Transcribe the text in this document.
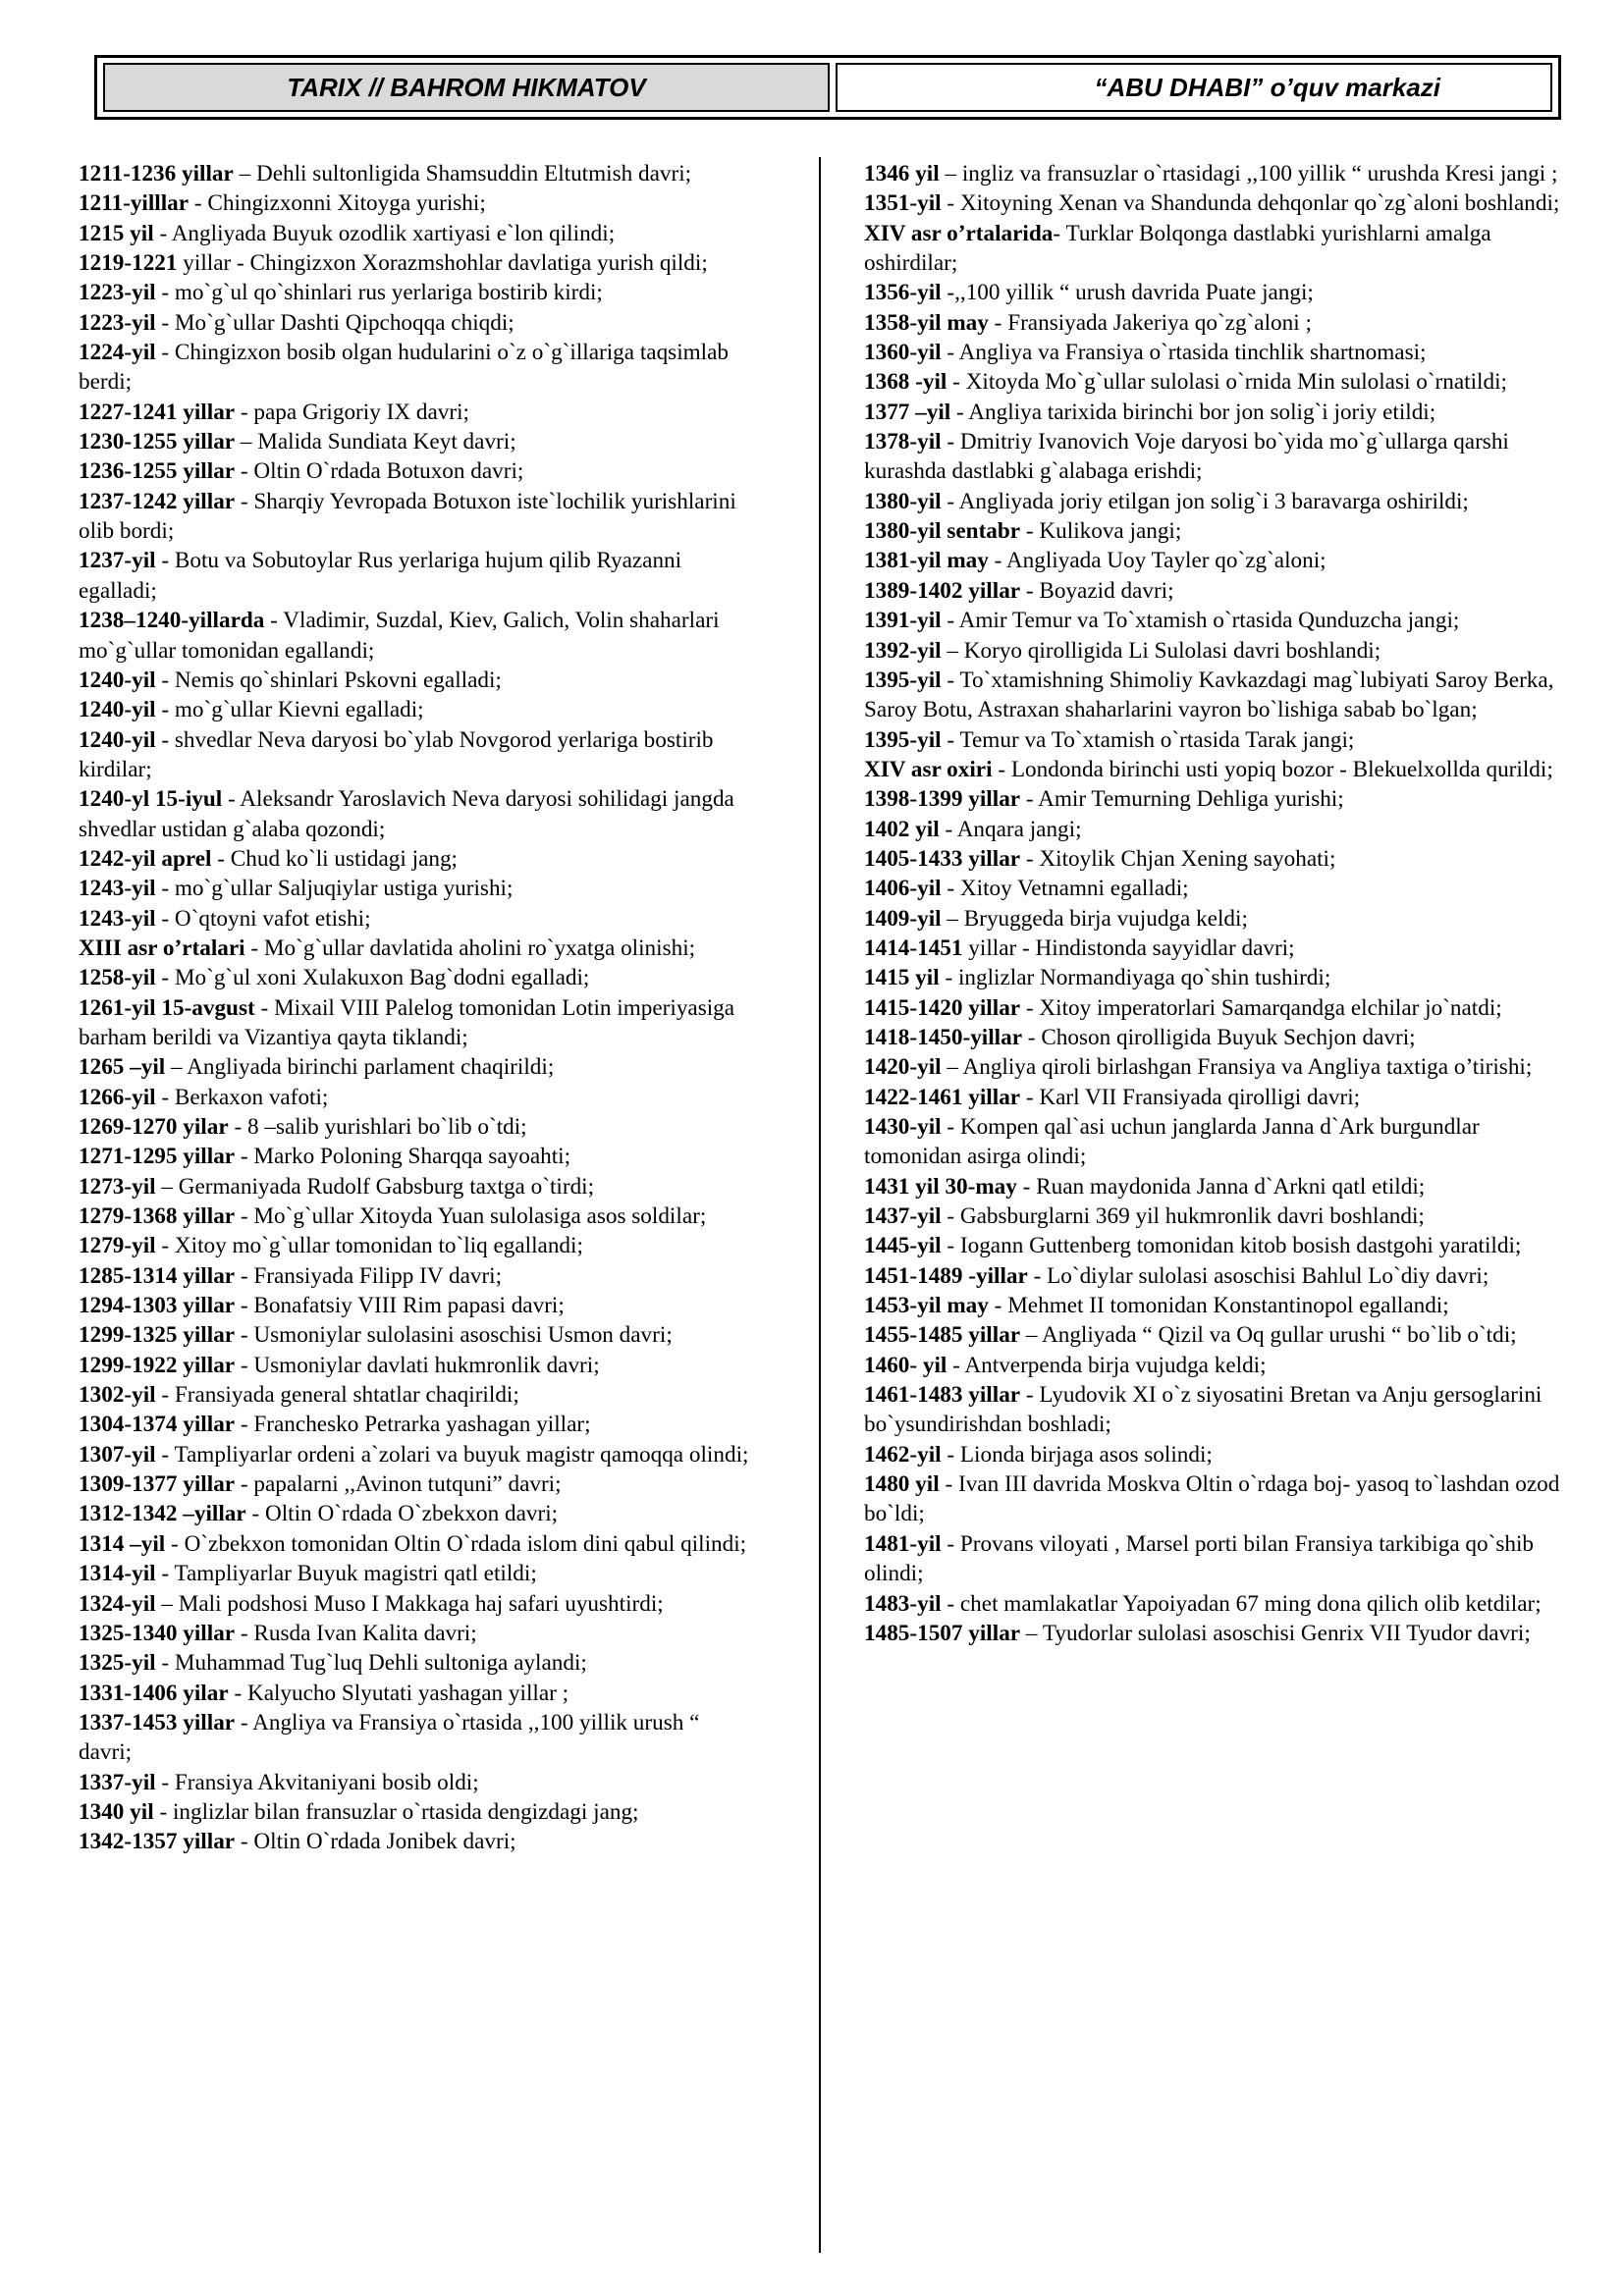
TARIX // BAHROM HIKMATOV	“ABU DHABI” o’quv markazi

1211-1236 yillar – Dehli sultonligida Shamsuddin Eltutmish davri;

1211-yilllar - Chingizxonni Xitoyga yurishi;

1215 yil - Angliyada Buyuk ozodlik xartiyasi e`lon qilindi;

1219-1221 yillar - Chingizxon Xorazmshohlar davlatiga yurish qildi;

1223-yil - mo`g`ul qo`shinlari rus yerlariga bostirib kirdi;

1223-yil - Mo`g`ullar Dashti Qipchoqqa chiqdi;

1224-yil - Chingizxon bosib olgan hudularini o`z o`g`illariga taqsimlab berdi;

1227-1241 yillar - papa Grigoriy IX davri;

1230-1255 yillar – Malida Sundiata Keyt davri;

1236-1255 yillar - Oltin O`rdada Botuxon davri;

1237-1242 yillar - Sharqiy Yevropada Botuxon iste`lochilik yurishlarini olib bordi;

1237-yil - Botu va Sobutoylar Rus yerlariga hujum qilib Ryazanni egalladi;

1238–1240-yillarda - Vladimir, Suzdal, Kiev, Galich, Volin shaharlari mo`g`ullar tomonidan egallandi;

1240-yil - Nemis qo`shinlari Pskovni egalladi;

1240-yil - mo`g`ullar Kievni egalladi;

1240-yil - shvedlar Neva daryosi bo`ylab Novgorod yerlariga bostirib kirdilar;

1240-yl 15-iyul - Aleksandr Yaroslavich Neva daryosi sohilidagi jangda shvedlar ustidan g`alaba qozondi;

1242-yil aprel - Chud ko`li ustidagi jang;

1243-yil - mo`g`ullar Saljuqiylar ustiga yurishi;

1243-yil - O`qtoyni vafot etishi;

XIII asr o’rtalari - Mo`g`ullar davlatida aholini ro`yxatga olinishi;

1258-yil - Mo`g`ul xoni Xulakuxon Bag`dodni egalladi;

1261-yil 15-avgust - Mixail VIII Palelog tomonidan Lotin imperiyasiga barham berildi va Vizantiya qayta tiklandi;

1265 –yil – Angliyada birinchi parlament chaqirildi;

1266-yil - Berkaxon vafoti;

1269-1270 yilar - 8 –salib yurishlari bo`lib o`tdi;

1271-1295 yillar - Marko Poloning Sharqqa sayoahti;

1273-yil – Germaniyada Rudolf Gabsburg taxtga o`tirdi;

1279-1368 yillar - Mo`g`ullar Xitoyda Yuan sulolasiga asos soldilar;

1279-yil - Xitoy mo`g`ullar tomonidan to`liq egallandi;

1285-1314 yillar - Fransiyada Filipp IV davri;

1294-1303 yillar - Bonafatsiy VIII Rim papasi davri;

1299-1325 yillar - Usmoniylar sulolasini asoschisi Usmon davri;

1299-1922 yillar - Usmoniylar davlati hukmronlik davri;

1302-yil - Fransiyada general shtatlar chaqirildi;

1304-1374 yillar - Franchesko Petrarka yashagan yillar;

1307-yil - Tampliyarlar ordeni a`zolari va buyuk magistr qamoqqa olindi;

1309-1377 yillar - papalarni ,,Avinon tutquni” davri;

1312-1342 –yillar - Oltin O`rdada O`zbekxon davri;

1314 –yil - O`zbekxon tomonidan Oltin O`rdada islom dini qabul qilindi;

1314-yil - Tampliyarlar Buyuk magistri qatl etildi;

1324-yil – Mali podshosi Muso I Makkaga haj safari uyushtirdi;

1325-1340 yillar - Rusda Ivan Kalita davri;

1325-yil - Muhammad Tug`luq Dehli sultoniga aylandi;

1331-1406 yilar - Kalyucho Slyutati yashagan yillar ;

1337-1453 yillar - Angliya va Fransiya o`rtasida ,,100 yillik urush “ davri;

1337-yil - Fransiya Akvitaniyani bosib oldi;

1340 yil - inglizlar bilan fransuzlar o`rtasida dengizdagi jang;

1342-1357 yillar - Oltin O`rdada Jonibek davri;

1346 yil – ingliz va fransuzlar o`rtasidagi ,,100 yillik “ urushda Kresi jangi ;

1351-yil - Xitoyning Xenan va Shandunda dehqonlar qo`zg`aloni boshlandi;

XIV asr o’rtalarida- Turklar Bolqonga dastlabki yurishlarni amalga oshirdilar;

1356-yil -,,100 yillik “ urush davrida Puate jangi;

1358-yil may - Fransiyada Jakeriya qo`zg`aloni ;

1360-yil - Angliya va Fransiya o`rtasida tinchlik shartnomasi;

1368 -yil - Xitoyda Mo`g`ullar sulolasi o`rnida Min sulolasi o`rnatildi;

1377 –yil - Angliya tarixida birinchi bor jon solig`i joriy etildi;

1378-yil - Dmitriy Ivanovich Voje daryosi bo`yida mo`g`ullarga qarshi kurashda dastlabki g`alabaga erishdi;

1380-yil - Angliyada joriy etilgan jon solig`i 3 baravarga oshirildi;

1380-yil sentabr - Kulikova jangi;

1381-yil may - Angliyada Uoy Tayler qo`zg`aloni;

1389-1402 yillar - Boyazid davri;

1391-yil - Amir Temur va To`xtamish o`rtasida Qunduzcha jangi;

1392-yil – Koryo qirolligida Li Sulolasi davri boshlandi;

1395-yil - To`xtamishning Shimoliy Kavkazdagi mag`lubiyati Saroy Berka, Saroy Botu, Astraxan shaharlarini vayron bo`lishiga sabab bo`lgan;

1395-yil - Temur va To`xtamish o`rtasida Tarak jangi;

XIV asr oxiri - Londonda birinchi usti yopiq bozor - Blekuelxollda qurildi;

1398-1399 yillar - Amir Temurning Dehliga yurishi;

1402 yil - Anqara jangi;

1405-1433 yillar - Xitoylik Chjan Xening sayohati;

1406-yil - Xitoy Vetnamni egalladi;

1409-yil – Bryuggeda birja vujudga keldi;

1414-1451 yillar - Hindistonda sayyidlar davri;

1415 yil - inglizlar Normandiyaga qo`shin tushirdi;

1415-1420 yillar - Xitoy imperatorlari Samarqandga elchilar jo`natdi;

1418-1450-yillar - Choson qirolligida Buyuk Sechjon davri;

1420-yil – Angliya qiroli birlashgan Fransiya va Angliya taxtiga o’tirishi;

1422-1461 yillar - Karl VII Fransiyada qirolligi davri;

1430-yil - Kompen qal`asi uchun janglarda Janna d`Ark burgundlar tomonidan asirga olindi;

1431 yil 30-may - Ruan maydonida Janna d`Arkni qatl etildi;

1437-yil - Gabsburglarni 369 yil hukmronlik davri boshlandi;

1445-yil - Iogann Guttenberg tomonidan kitob bosish dastgohi yaratildi;

1451-1489 -yillar - Lo`diylar sulolasi asoschisi Bahlul Lo`diy davri;

1453-yil may - Mehmet II tomonidan Konstantinopol egallandi;

1455-1485 yillar – Angliyada “ Qizil va Oq gullar urushi “ bo`lib o`tdi;

1460- yil - Antverpenda birja vujudga keldi;

1461-1483 yillar - Lyudovik XI o`z siyosatini Bretan va Anju gersoglarini bo`ysundirishdan boshladi;

1462-yil - Lionda birjaga asos solindi;

1480 yil - Ivan III davrida Moskva Oltin o`rdaga boj- yasoq to`lashdan ozod bo`ldi;

1481-yil - Provans viloyati , Marsel porti bilan Fransiya tarkibiga qo`shib olindi;

1483-yil - chet mamlakatlar Yapoiyadan 67 ming dona qilich olib ketdilar;

1485-1507 yillar – Tyudorlar sulolasi asoschisi Genrix VII Tyudor davri;
